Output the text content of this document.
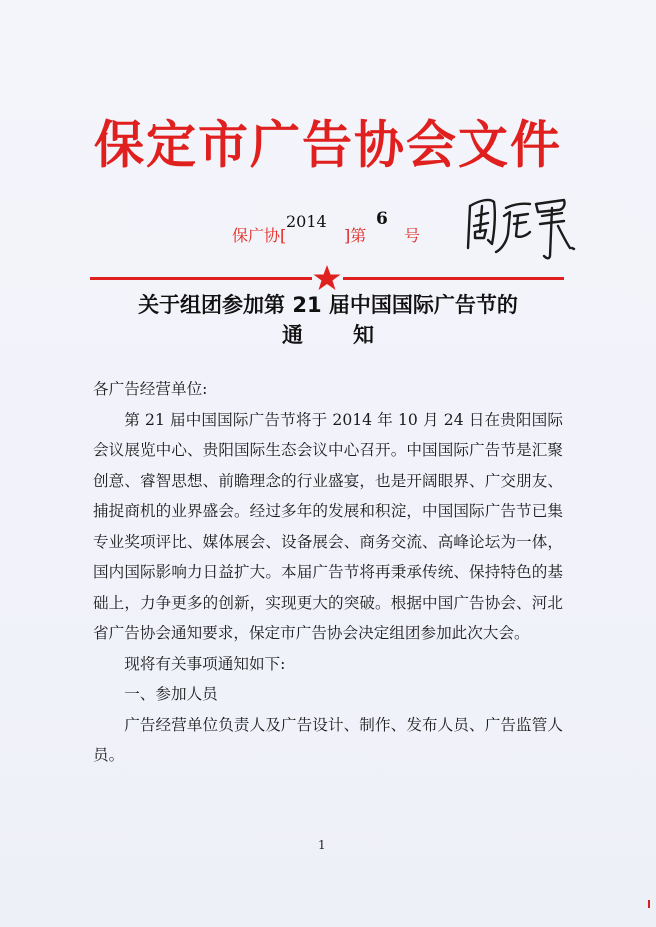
保定市广告协会文件
保广协[
2014
]第
6
号
关于组团参加第 21 届中国国际广告节的
通知

各广告经营单位:

第 21 届中国国际广告节将于 2014 年 10 月 24 日在贵阳国际会议展览中心、贵阳国际生态会议中心召开。中国国际广告节是汇聚创意、睿智思想、前瞻理念的行业盛宴，也是开阔眼界、广交朋友、捕捉商机的业界盛会。经过多年的发展和积淀，中国国际广告节已集专业奖项评比、媒体展会、设备展会、商务交流、高峰论坛为一体，国内国际影响力日益扩大。本届广告节将再秉承传统、保持特色的基础上，力争更多的创新，实现更大的突破。根据中国广告协会、河北省广告协会通知要求，保定市广告协会决定组团参加此次大会。

现将有关事项通知如下:

一、参加人员

广告经营单位负责人及广告设计、制作、发布人员、广告监管人员。

1
